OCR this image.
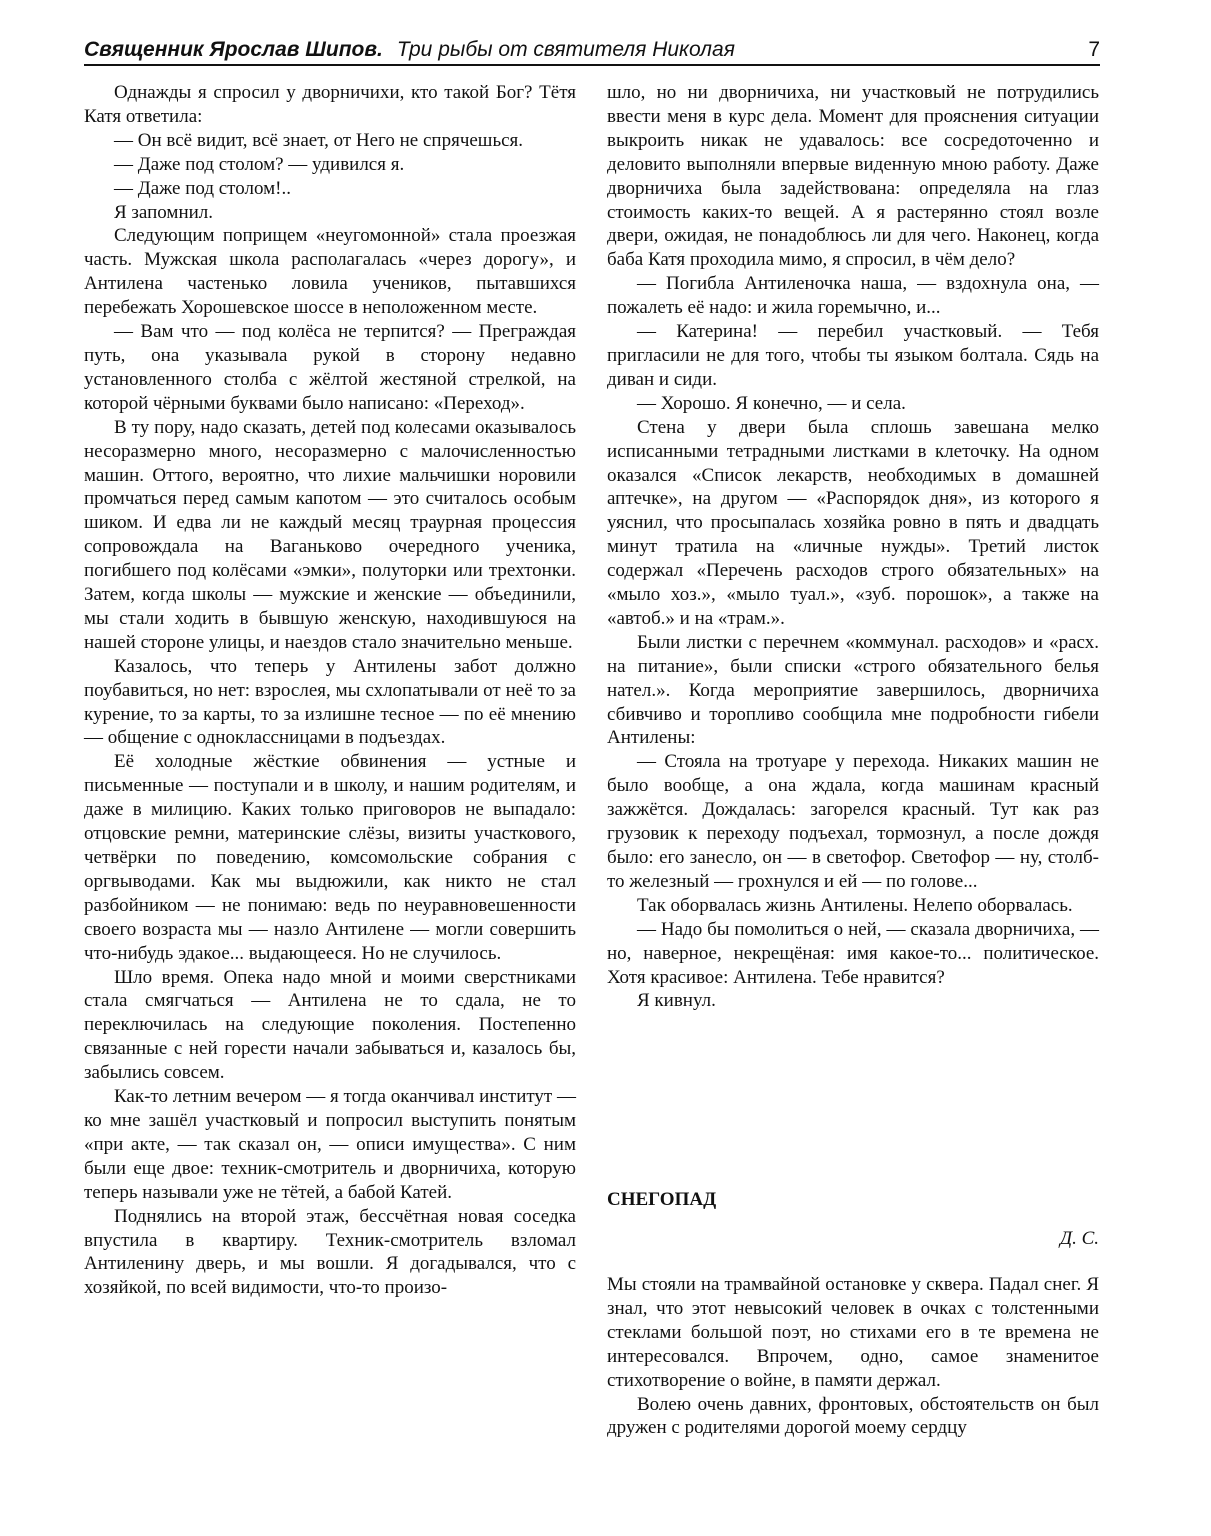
Священник Ярослав Шипов. Три рыбы от святителя Николая	7

Однажды я спросил у дворничихи, кто такой Бог? Тётя Катя ответила:

— Он всё видит, всё знает, от Него не спрячешься.

— Даже под столом? — удивился я.

— Даже под столом!..

Я запомнил.

Следующим поприщем «неугомонной» стала проезжая часть. Мужская школа располагалась «через дорогу», и Антилена частенько ловила учеников, пытавшихся перебежать Хорошевское шоссе в неположенном месте.

— Вам что — под колёса не терпится? — Преграждая путь, она указывала рукой в сторону недавно установленного столба с жёлтой жестяной стрелкой, на которой чёрными буквами было написано: «Переход».

В ту пору, надо сказать, детей под колесами оказывалось несоразмерно много, несоразмерно с малочисленностью машин. Оттого, вероятно, что лихие мальчишки норовили промчаться перед самым капотом — это считалось особым шиком. И едва ли не каждый месяц траурная процессия сопровождала на Ваганьково очередного ученика, погибшего под колёсами «эмки», полуторки или трехтонки. Затем, когда школы — мужские и женские — объединили, мы стали ходить в бывшую женскую, находившуюся на нашей стороне улицы, и наездов стало значительно меньше.

Казалось, что теперь у Антилены забот должно поубавиться, но нет: взрослея, мы схлопатывали от неё то за курение, то за карты, то за излишне тесное — по её мнению — общение с одноклассницами в подъездах.

Её холодные жёсткие обвинения — устные и письменные — поступали и в школу, и нашим родителям, и даже в милицию. Каких только приговоров не выпадало: отцовские ремни, материнские слёзы, визиты участкового, четвёрки по поведению, комсомольские собрания с оргвыводами. Как мы выдюжили, как никто не стал разбойником — не понимаю: ведь по неуравновешенности своего возраста мы — назло Антилене — могли совершить что-нибудь эдакое... выдающееся. Но не случилось.

Шло время. Опека надо мной и моими сверстниками стала смягчаться — Антилена не то сдала, не то переключилась на следующие поколения. Постепенно связанные с ней горести начали забываться и, казалось бы, забылись совсем.

Как-то летним вечером — я тогда оканчивал институт — ко мне зашёл участковый и попросил выступить понятым «при акте, — так сказал он, — описи имущества». С ним были еще двое: техник-смотритель и дворничиха, которую теперь называли уже не тётей, а бабой Катей.

Поднялись на второй этаж, бессчётная новая соседка впустила в квартиру. Техник-смотритель взломал Антиленину дверь, и мы вошли. Я догадывался, что с хозяйкой, по всей видимости, что-то произо-

шло, но ни дворничиха, ни участковый не потрудились ввести меня в курс дела. Момент для прояснения ситуации выкроить никак не удавалось: все сосредоточенно и деловито выполняли впервые виденную мною работу. Даже дворничиха была задействована: определяла на глаз стоимость каких-то вещей. А я растерянно стоял возле двери, ожидая, не понадоблюсь ли для чего. Наконец, когда баба Катя проходила мимо, я спросил, в чём дело?

— Погибла Антиленочка наша, — вздохнула она, — пожалеть её надо: и жила горемычно, и...

— Катерина! — перебил участковый. — Тебя пригласили не для того, чтобы ты языком болтала. Сядь на диван и сиди.

— Хорошо. Я конечно, — и села.

Стена у двери была сплошь завешана мелко исписанными тетрадными листками в клеточку. На одном оказался «Список лекарств, необходимых в домашней аптечке», на другом — «Распорядок дня», из которого я уяснил, что просыпалась хозяйка ровно в пять и двадцать минут тратила на «личные нужды». Третий листок содержал «Перечень расходов строго обязательных» на «мыло хоз.», «мыло туал.», «зуб. порошок», а также на «автоб.» и на «трам.».

Были листки с перечнем «коммунал. расходов» и «расх. на питание», были списки «строго обязательного белья нател.». Когда мероприятие завершилось, дворничиха сбивчиво и торопливо сообщила мне подробности гибели Антилены:

— Стояла на тротуаре у перехода. Никаких машин не было вообще, а она ждала, когда машинам красный зажжётся. Дождалась: загорелся красный. Тут как раз грузовик к переходу подъехал, тормознул, а после дождя было: его занесло, он — в светофор. Светофор — ну, столб-то железный — грохнулся и ей — по голове...

Так оборвалась жизнь Антилены. Нелепо оборвалась.

— Надо бы помолиться о ней, — сказала дворничиха, — но, наверное, некрещёная: имя какое-то... политическое. Хотя красивое: Антилена. Тебе нравится?

Я кивнул.

СНЕГОПАД

Д. С.

Мы стояли на трамвайной остановке у сквера. Падал снег. Я знал, что этот невысокий человек в очках с толстенными стеклами большой поэт, но стихами его в те времена не интересовался. Впрочем, одно, самое знаменитое стихотворение о войне, в памяти держал.

Волею очень давних, фронтовых, обстоятельств он был дружен с родителями дорогой моему сердцу
